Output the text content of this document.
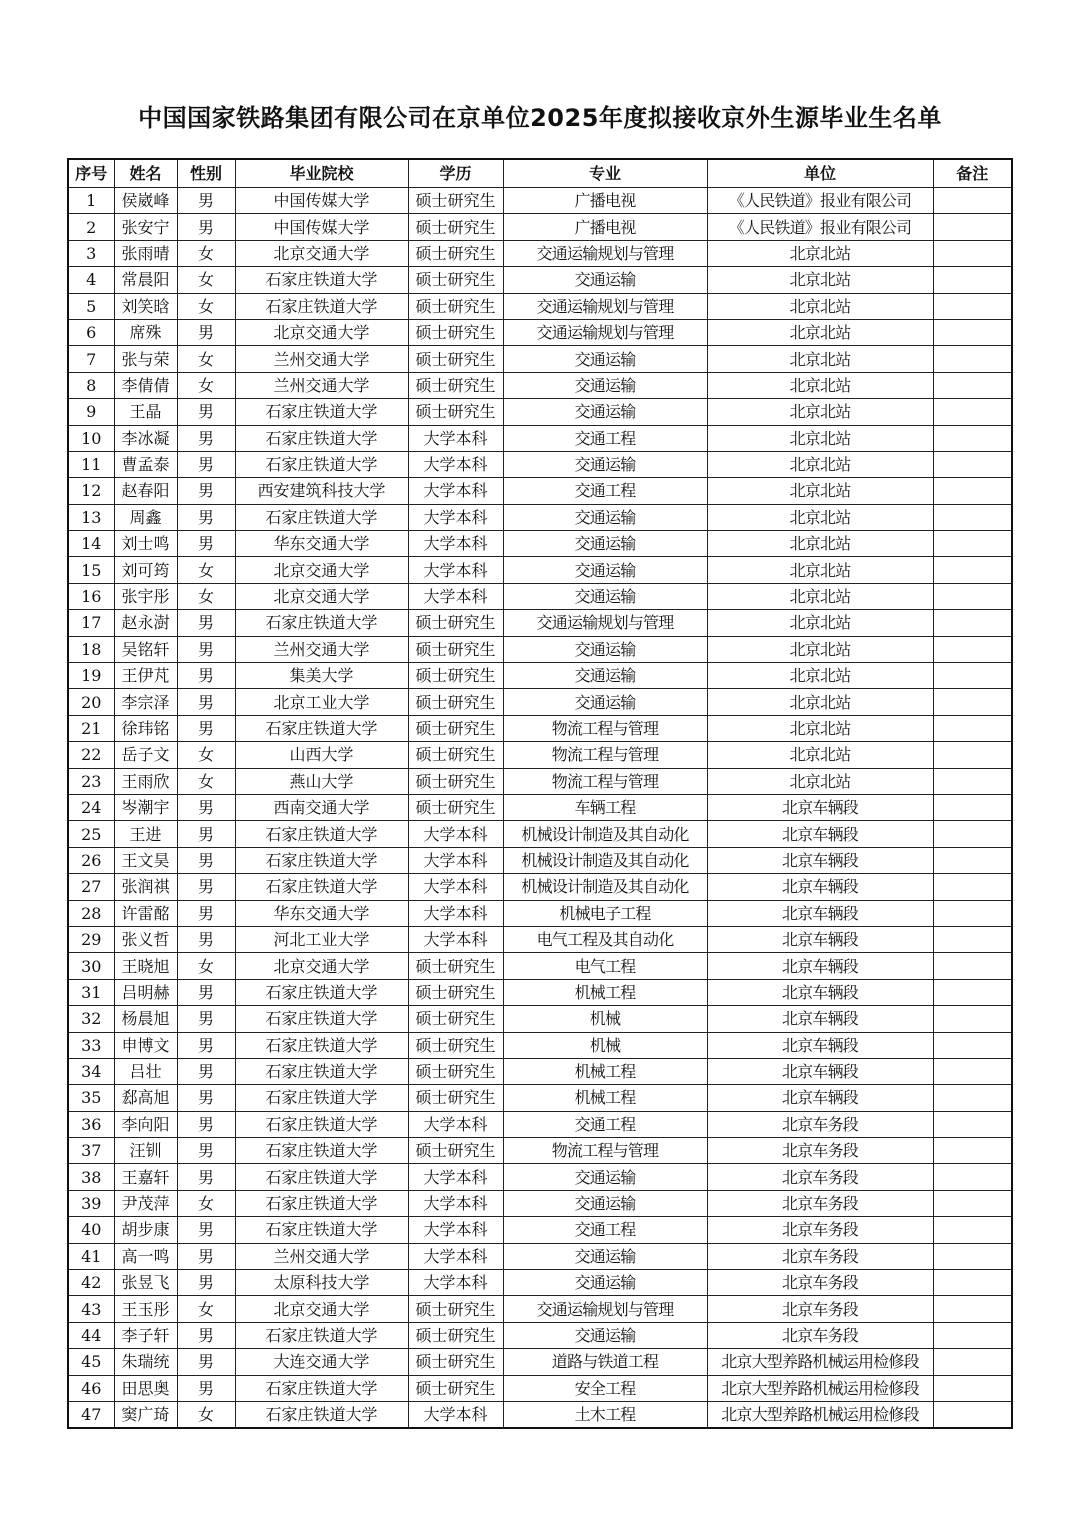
中国国家铁路集团有限公司在京单位2025年度拟接收京外生源毕业生名单
序号	姓名	性别	毕业院校	学历	专业	单位	备注
1	侯崴峰	男	中国传媒大学	硕士研究生	广播电视	《人民铁道》报业有限公司	
2	张安宁	男	中国传媒大学	硕士研究生	广播电视	《人民铁道》报业有限公司	
3	张雨晴	女	北京交通大学	硕士研究生	交通运输规划与管理	北京北站	
4	常晨阳	女	石家庄铁道大学	硕士研究生	交通运输	北京北站	
5	刘笑晗	女	石家庄铁道大学	硕士研究生	交通运输规划与管理	北京北站	
6	席殊	男	北京交通大学	硕士研究生	交通运输规划与管理	北京北站	
7	张与荣	女	兰州交通大学	硕士研究生	交通运输	北京北站	
8	李倩倩	女	兰州交通大学	硕士研究生	交通运输	北京北站	
9	王晶	男	石家庄铁道大学	硕士研究生	交通运输	北京北站	
10	李冰凝	男	石家庄铁道大学	大学本科	交通工程	北京北站	
11	曹孟泰	男	石家庄铁道大学	大学本科	交通运输	北京北站	
12	赵春阳	男	西安建筑科技大学	大学本科	交通工程	北京北站	
13	周鑫	男	石家庄铁道大学	大学本科	交通运输	北京北站	
14	刘士鸣	男	华东交通大学	大学本科	交通运输	北京北站	
15	刘可筠	女	北京交通大学	大学本科	交通运输	北京北站	
16	张宇彤	女	北京交通大学	大学本科	交通运输	北京北站	
17	赵永澍	男	石家庄铁道大学	硕士研究生	交通运输规划与管理	北京北站	
18	吴铭轩	男	兰州交通大学	硕士研究生	交通运输	北京北站	
19	王伊芃	男	集美大学	硕士研究生	交通运输	北京北站	
20	李宗泽	男	北京工业大学	硕士研究生	交通运输	北京北站	
21	徐玮铭	男	石家庄铁道大学	硕士研究生	物流工程与管理	北京北站	
22	岳子文	女	山西大学	硕士研究生	物流工程与管理	北京北站	
23	王雨欣	女	燕山大学	硕士研究生	物流工程与管理	北京北站	
24	岑潮宇	男	西南交通大学	硕士研究生	车辆工程	北京车辆段	
25	王进	男	石家庄铁道大学	大学本科	机械设计制造及其自动化	北京车辆段	
26	王文昊	男	石家庄铁道大学	大学本科	机械设计制造及其自动化	北京车辆段	
27	张润祺	男	石家庄铁道大学	大学本科	机械设计制造及其自动化	北京车辆段	
28	许雷酩	男	华东交通大学	大学本科	机械电子工程	北京车辆段	
29	张义哲	男	河北工业大学	大学本科	电气工程及其自动化	北京车辆段	
30	王晓旭	女	北京交通大学	硕士研究生	电气工程	北京车辆段	
31	吕明赫	男	石家庄铁道大学	硕士研究生	机械工程	北京车辆段	
32	杨晨旭	男	石家庄铁道大学	硕士研究生	机械	北京车辆段	
33	申博文	男	石家庄铁道大学	硕士研究生	机械	北京车辆段	
34	吕壮	男	石家庄铁道大学	硕士研究生	机械工程	北京车辆段	
35	郄高旭	男	石家庄铁道大学	硕士研究生	机械工程	北京车辆段	
36	李向阳	男	石家庄铁道大学	大学本科	交通工程	北京车务段	
37	汪钏	男	石家庄铁道大学	硕士研究生	物流工程与管理	北京车务段	
38	王嘉轩	男	石家庄铁道大学	大学本科	交通运输	北京车务段	
39	尹茂萍	女	石家庄铁道大学	大学本科	交通运输	北京车务段	
40	胡步康	男	石家庄铁道大学	大学本科	交通工程	北京车务段	
41	高一鸣	男	兰州交通大学	大学本科	交通运输	北京车务段	
42	张昱飞	男	太原科技大学	大学本科	交通运输	北京车务段	
43	王玉彤	女	北京交通大学	硕士研究生	交通运输规划与管理	北京车务段	
44	李子轩	男	石家庄铁道大学	硕士研究生	交通运输	北京车务段	
45	朱瑞统	男	大连交通大学	硕士研究生	道路与铁道工程	北京大型养路机械运用检修段	
46	田思奥	男	石家庄铁道大学	硕士研究生	安全工程	北京大型养路机械运用检修段	
47	窦广琦	女	石家庄铁道大学	大学本科	土木工程	北京大型养路机械运用检修段	
